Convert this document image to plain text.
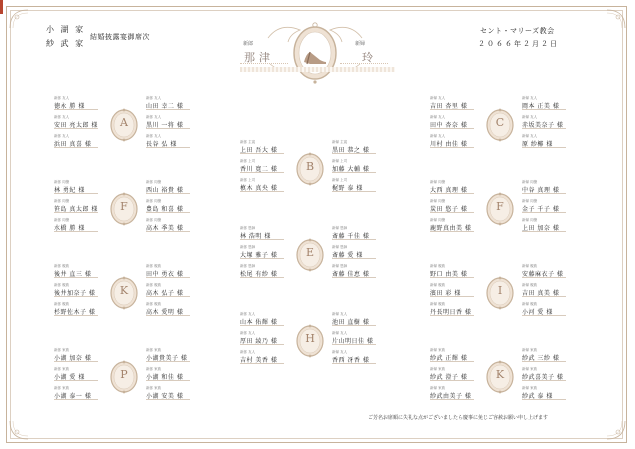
小 湖 家
紗 武 家
結婚披露宴御席次
セント・マリーズ教会
２０６６年２月２日
新郎
那津
新婦
玲
A
新郎 友人
徳永 勝 様
新郎 友人
安田 亮太郎 様
新郎 友人
浜田 真喜 様
新郎 友人
山田 幸二 様
新郎 友人
黒川 一将 様
新郎 友人
長谷 弘 様
F
新郎 同僚
林 勇紀 様
新郎 同僚
笹島 真太郎 様
新郎 同僚
水橋 勝 様
新郎 同僚
西山 裕貴 様
新郎 同僚
豊島 和喜 様
新郎 同僚
高木 季美 様
K
新郎 親族
後井 直三 様
新郎 親族
後井加奈子 様
新郎 親族
杉野佐木子 様
新郎 親族
田中 勇衣 様
新郎 親族
高木 弘子 様
新郎 親族
高木 愛明 様
P
新郎 家族
小湖 加奈 様
新郎 家族
小湖 愛 様
新郎 家族
小湖 泰一 様
新郎 家族
小湖貴美子 様
新郎 家族
小湖 和佳 様
新郎 家族
小湖 安美 様
B
新郎 主賓
上田 吾大 様
新郎 上司
香川 寛二 様
新郎 上司
槙木 真央 様
新婦 主賓
黒田 恭之 様
新婦 上司
加藤 大輔 様
新婦 上司
梶野 泰 様
E
新郎 恩師
林 浩明 様
新郎 恩師
大塚 雅子 様
新郎 恩師
松尾 有紗 様
新婦 恩師
斎藤 千佳 様
新婦 恩師
斎藤 愛 様
新婦 恩師
斎藤 佳恵 様
H
新郎 友人
山本 佑輝 様
新郎 友人
厚田 綾乃 様
新郎 友人
吉村 美香 様
新婦 友人
池田 直樹 様
新婦 友人
片山明日佳 様
新婦 友人
香西 冴香 様
C
新婦 友人
吉田 杏里 様
新婦 友人
田中 杏奈 様
新婦 友人
川村 由佳 様
新婦 友人
岡本 正美 様
新婦 友人
赤坂美奈子 様
新婦 友人
原 紗椰 様
F
新婦 同僚
大西 真理 様
新婦 同僚
炭田 悠子 様
新婦 同僚
鹿野真由美 様
新婦 同僚
中谷 真理 様
新婦 同僚
金子 千子 様
新婦 同僚
上田 加奈 様
I
新婦 親族
野口 由美 様
新婦 親族
濱田 彩 様
新婦 親族
丹長明日香 様
新婦 親族
安藤麻衣子 様
新婦 親族
吉田 真美 様
新婦 親族
小河 愛 様
K
新婦 家族
紗武 正輝 様
新婦 家族
紗武 澄子 様
新婦 家族
紗武由美子 様
新婦 家族
紗武 三紗 様
新婦 家族
紗武喜美子 様
新婦 家族
紗武 泰 様
ご芳名お席順に失礼な点がございましたら慶事に免じご容赦お願い申し上げます
